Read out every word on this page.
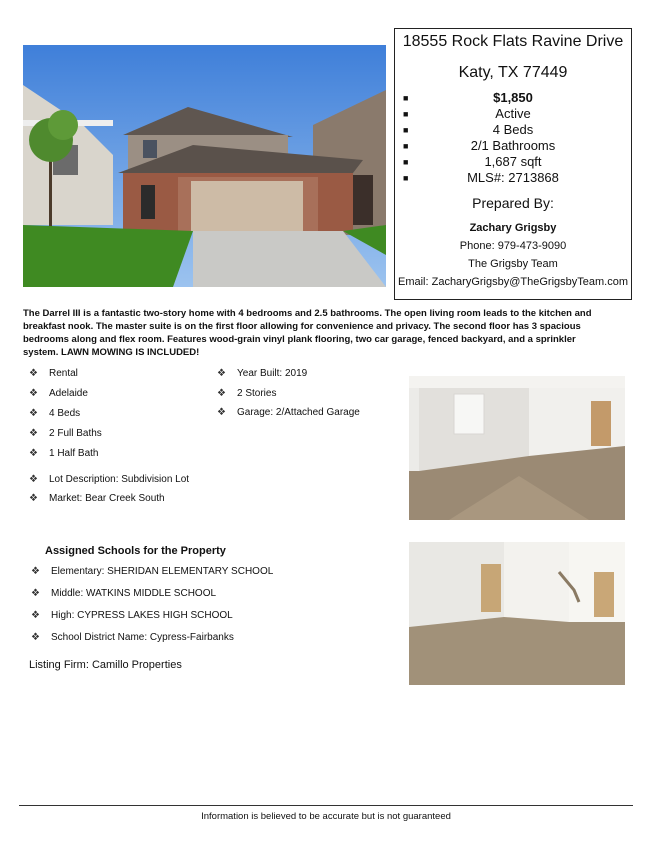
18555 Rock Flats Ravine Drive
Katy, TX 77449
■	$1,850
■	Active
■	4 Beds
■	2/1 Bathrooms
■	1,687 sqft
■	MLS#: 2713868
Prepared By:
Zachary Grigsby
Phone: 979-473-9090
The Grigsby Team
Email: ZacharyGrigsby@TheGrigsbyTeam.com
The Darrel III is a fantastic two-story home with 4 bedrooms and 2.5 bathrooms. The open living room leads to the kitchen and breakfast nook. The master suite is on the first floor allowing for convenience and privacy. The second floor has 3 spacious bedrooms along and flex room. Features wood-grain vinyl plank flooring, two car garage, fenced backyard, and a sprinkler system. LAWN MOWING IS INCLUDED!
❖ Rental
❖ Adelaide
❖ 4 Beds
❖ 2 Full Baths
❖ 1 Half Bath
❖ Lot Description: Subdivision Lot
❖ Market: Bear Creek South
❖ Year Built: 2019
❖ 2 Stories
❖ Garage: 2/Attached Garage
Assigned Schools for the Property
❖ Elementary: SHERIDAN ELEMENTARY SCHOOL
❖ Middle: WATKINS MIDDLE SCHOOL
❖ High: CYPRESS LAKES HIGH SCHOOL
❖ School District Name: Cypress-Fairbanks
Listing Firm: Camillo Properties
Information is believed to be accurate but is not guaranteed
